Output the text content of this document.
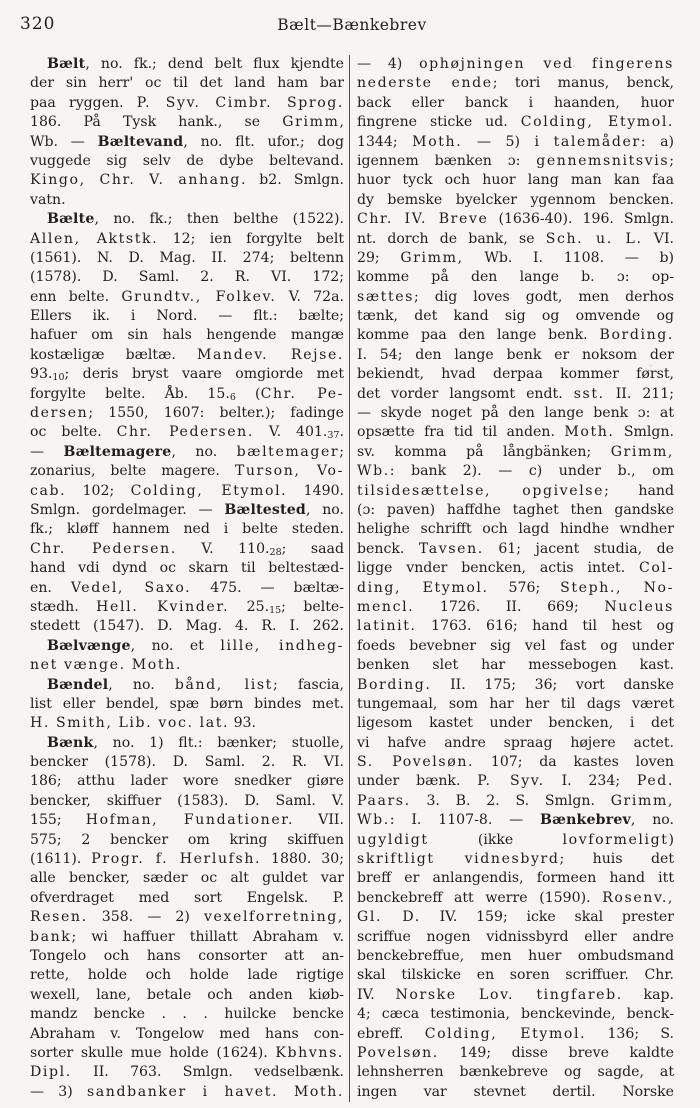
320	Bælt—Bænkebrev
Bælt, no. fk.; dend belt flux kjendte
der sin herr' oc til det land ham bar
paa ryggen. P. Syv. Cimbr. Sprog.
186. På Tysk hank., se Grimm,
Wb. — Bæltevand, no. flt. ufor.; dog
vuggede sig selv de dybe beltevand.
Kingo, Chr. V. anhang. b2. Smlgn.
vatn.
Bælte, no. fk.; then belthe (1522).
Allen, Aktstk. 12; ien forgylte belt
(1561). N. D. Mag. II. 274; beltenn
(1578). D. Saml. 2. R. VI. 172;
enn belte. Grundtv., Folkev. V. 72a.
Ellers ik. i Nord. — flt.: bælte;
hafuer om sin hals hengende mangæ
kostæligæ bæltæ. Mandev. Rejse.
$93._{10}$; deris bryst vaare omgiorde met
forgylte belte. Åb. $15._6$ (Chr. Pe-
dersen; 1550, 1607: belter.); fadinge
oc belte. Chr. Pedersen. V. $401._{37}$.
— Bæltemagere, no. bæltemager;
zonarius, belte magere. Turson, Vo-
cab. 102; Colding, Etymol. 1490.
Smlgn. gordelmager. — Bæltested, no.
fk.; kløff hannem ned i belte steden.
Chr. Pedersen. V. $110._{28}$; saad
hand vdi dynd oc skarn til beltestæd-
en. Vedel, Saxo. 475. — bæltæ-
stædh. Hell. Kvinder. $25._{15}$; belte-
stedett (1547). D. Mag. 4. R. I. 262.
Bælvænge, no. et lille, indheg-
net vænge. Moth.
Bændel, no. bånd, list; fascia,
list eller bendel, spæ børn bindes met.
H. Smith, Lib. voc. lat. 93.
Bænk, no. 1) flt.: bænker; stuolle,
bencker (1578). D. Saml. 2. R. VI.
186; atthu lader wore snedker giøre
bencker, skiffuer (1583). D. Saml. V.
155; Hofman, Fundationer. VII.
575; 2 bencker om kring skiffuen
(1611). Progr. f. Herlufsh. 1880. 30;
alle bencker, sæder oc alt guldet var
ofverdraget med sort Engelsk. P.
Resen. 358. — 2) vexelforretning,
bank; wi haffuer thillatt Abraham v.
Tongelo och hans consorter att an-
rette, holde och holde lade rigtige
wexell, lane, betale och anden kiøb-
mandz bencke . . . huilcke bencke
Abraham v. Tongelow med hans con-
sorter skulle mue holde (1624). Kbhvns.
Dipl. II. 763. Smlgn. vedselbænk.
— 3) sandbanker i havet. Moth.
— 4) ophøjningen ved fingerens
nederste ende; tori manus, benck,
back eller banck i haanden, huor
fingrene sticke ud. Colding, Etymol.
1344; Moth. — 5) i talemåder: a)
igennem bænken ɔ: gennemsnitsvis;
huor tyck och huor lang man kan faa
dy bemske byelcker ygennom bencken.
Chr. IV. Breve (1636-40). 196. Smlgn.
nt. dorch de bank, se Sch. u. L. VI.
29; Grimm, Wb. I. 1108. — b)
komme på den lange b. ɔ: op-
sættes; dig loves godt, men derhos
tænk, det kand sig og omvende og
komme paa den lange benk. Bording.
I. 54; den lange benk er noksom der
bekiendt, hvad derpaa kommer først,
det vorder langsomt endt. sst. II. 211;
— skyde noget på den lange benk ɔ: at
opsætte fra tid til anden. Moth. Smlgn.
sv. komma på långbänken; Grimm,
Wb.: bank 2). — c) under b., om
tilsidesættelse, opgivelse; hand
(ɔ: paven) haffdhe taghet then gandske
helighe schrifft och lagd hindhe wndher
benck. Tavsen. 61; jacent studia, de
ligge vnder bencken, actis intet. Col-
ding, Etymol. 576; Steph., No-
mencl. 1726. II. 669; Nucleus
latinit. 1763. 616; hand til hest og
foeds bevebner sig vel fast og under
benken slet har messebogen kast.
Bording. II. 175; 36; vort danske
tungemaal, som har her til dags været
ligesom kastet under bencken, i det
vi hafve andre spraag højere actet.
S. Povelsøn. 107; da kastes loven
under bænk. P. Syv. I. 234; Ped.
Paars. 3. B. 2. S. Smlgn. Grimm,
Wb.: I. 1107-8. — Bænkebrev, no.
ugyldigt (ikke lovformeligt)
skriftligt vidnesbyrd; huis det
breff er anlangendis, formeen hand itt
benckebreff att werre (1590). Rosenv.,
Gl. D. IV. 159; icke skal prester
scriffue nogen vidnissbyrd eller andre
benckebreffue, men huer ombudsmand
skal tilskicke en soren scriffuer. Chr.
IV. Norske Lov. tingfareb. kap.
4; cæca testimonia, benckevinde, benck-
ebreff. Colding, Etymol. 136; S.
Povelsøn. 149; disse breve kaldte
lehnsherren bænkebreve og sagde, at
ingen var stevnet dertil. Norske
